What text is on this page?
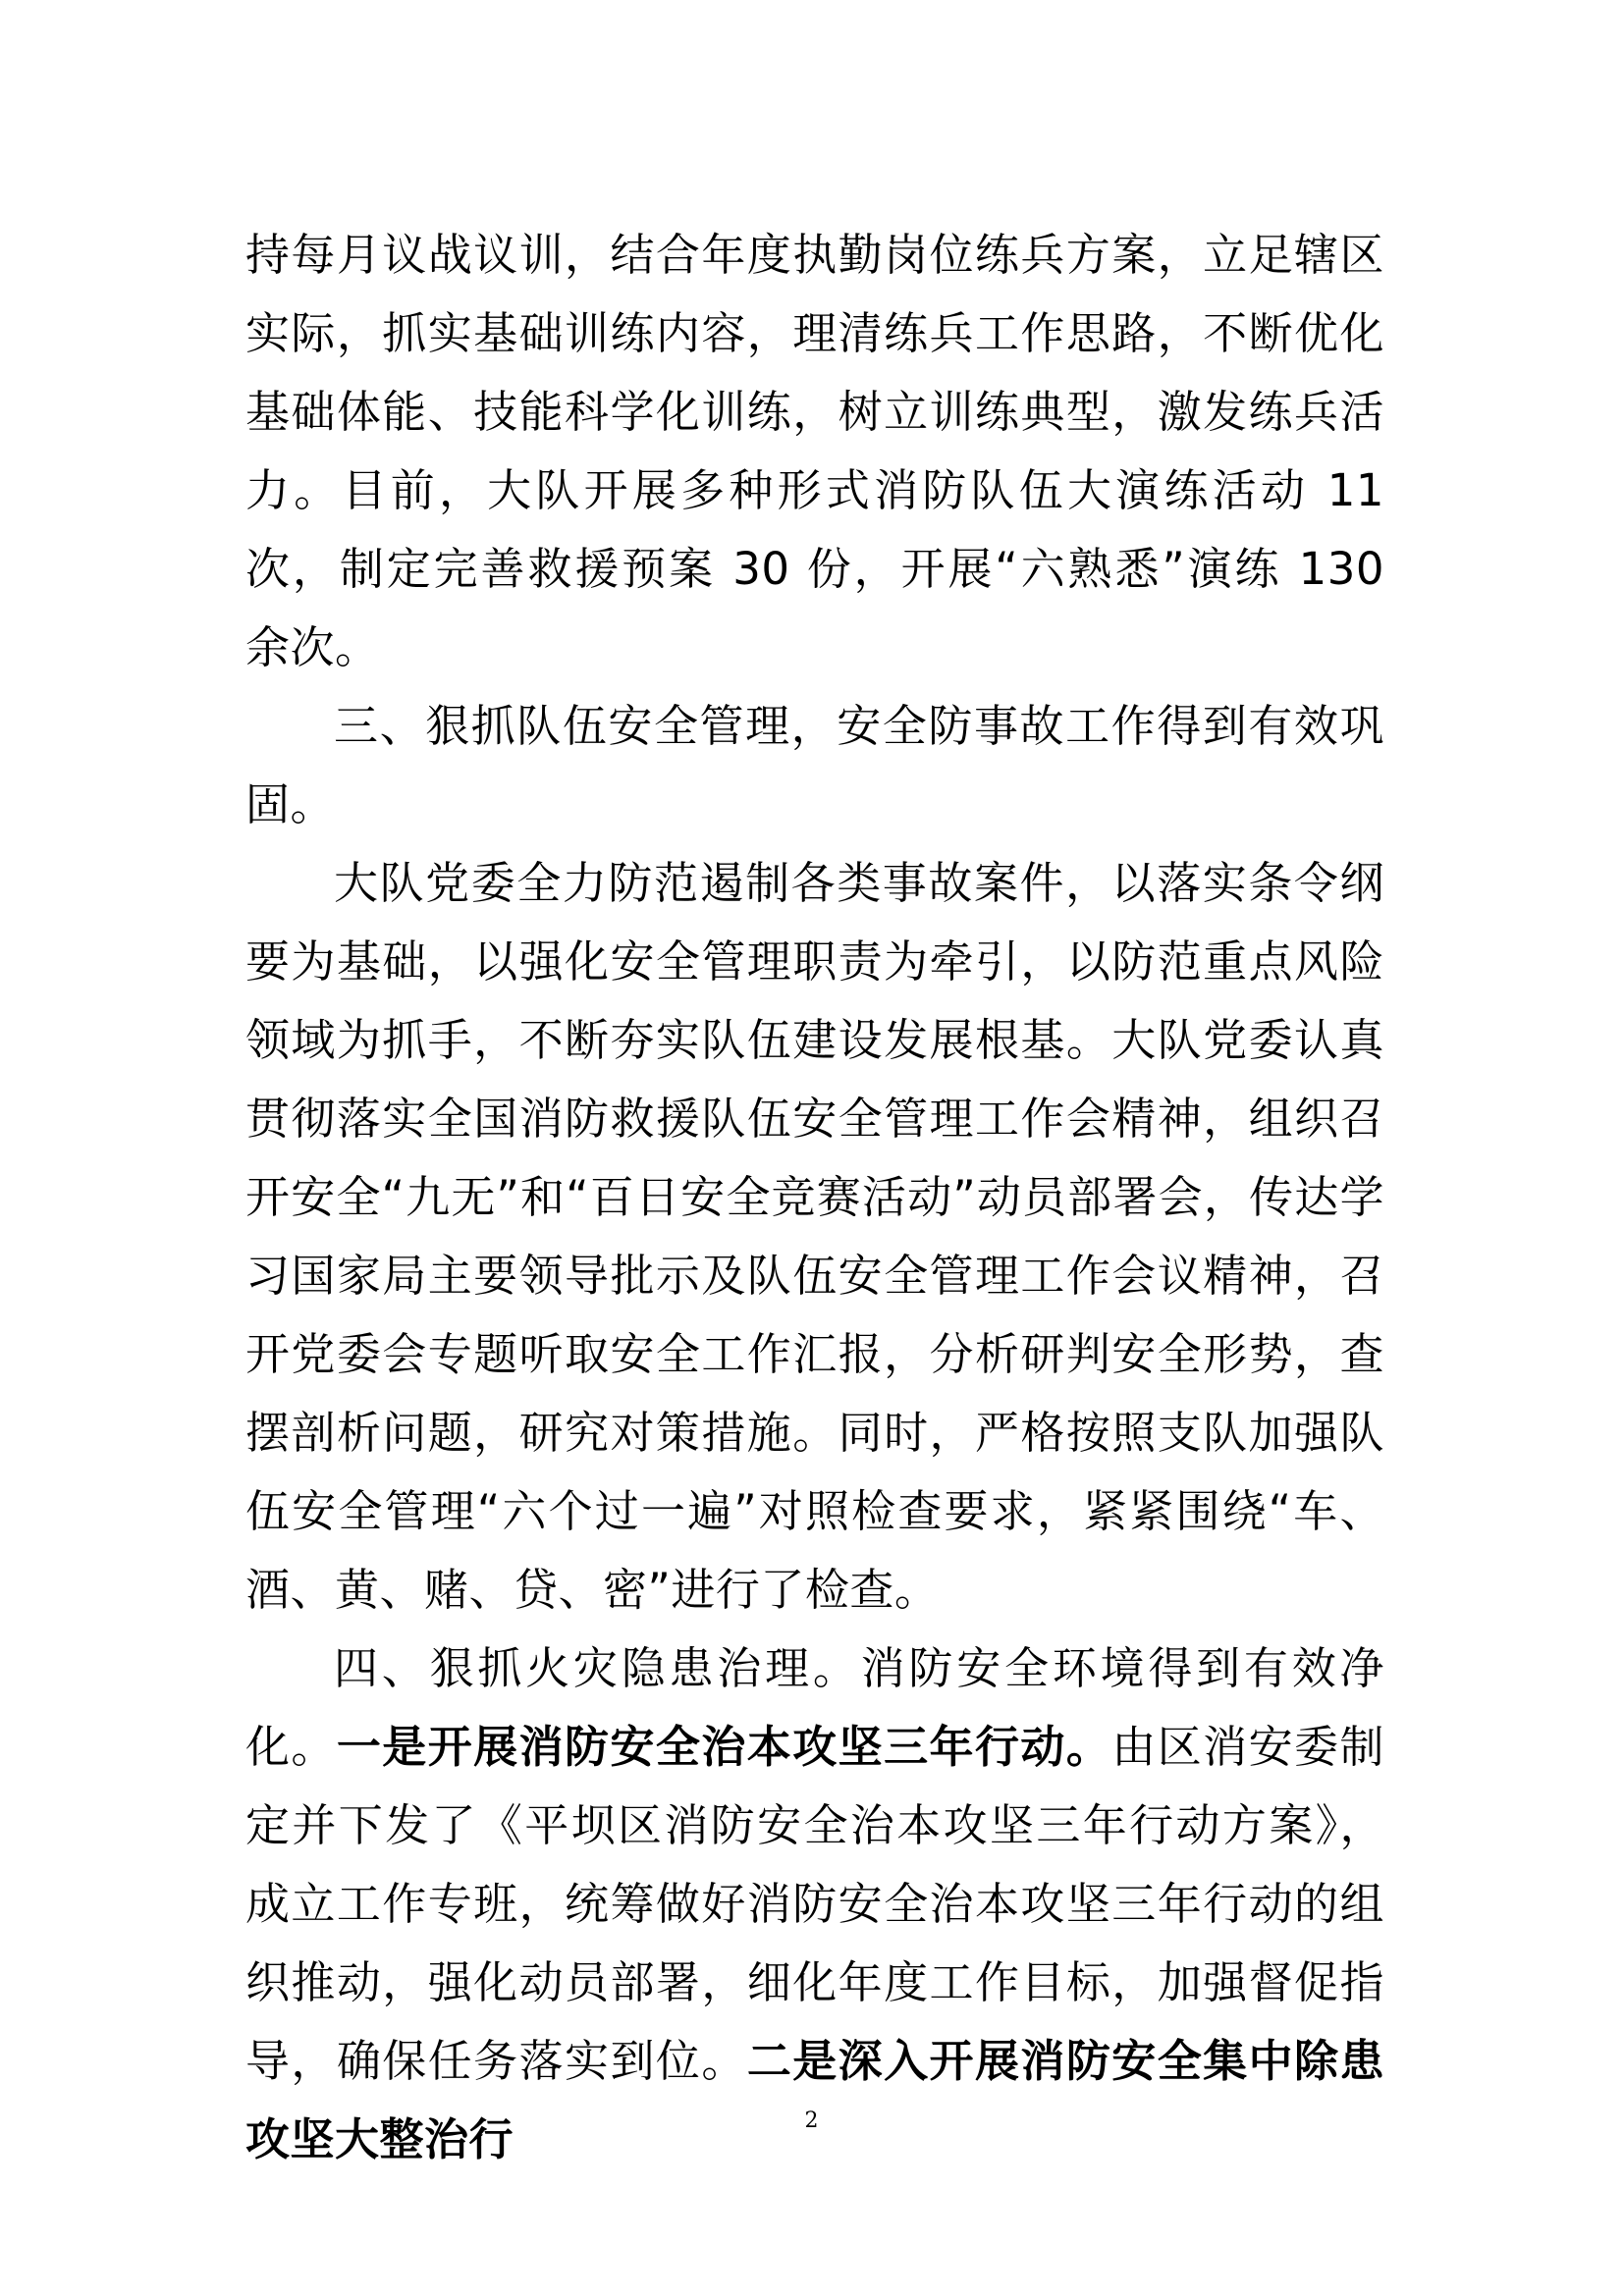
持每月议战议训，结合年度执勤岗位练兵方案，立足辖区实际，抓实基础训练内容，理清练兵工作思路，不断优化基础体能、技能科学化训练，树立训练典型，激发练兵活力。目前，大队开展多种形式消防队伍大演练活动 11 次，制定完善救援预案 30 份，开展“六熟悉”演练 130 余次。

三、狠抓队伍安全管理，安全防事故工作得到有效巩固。

大队党委全力防范遏制各类事故案件，以落实条令纲要为基础，以强化安全管理职责为牵引，以防范重点风险领域为抓手，不断夯实队伍建设发展根基。大队党委认真贯彻落实全国消防救援队伍安全管理工作会精神，组织召开安全“九无”和“百日安全竞赛活动”动员部署会，传达学习国家局主要领导批示及队伍安全管理工作会议精神，召开党委会专题听取安全工作汇报，分析研判安全形势，查摆剖析问题，研究对策措施。同时，严格按照支队加强队伍安全管理“六个过一遍”对照检查要求，紧紧围绕“车、酒、黄、赌、贷、密”进行了检查。

四、狠抓火灾隐患治理。消防安全环境得到有效净化。一是开展消防安全治本攻坚三年行动。由区消安委制定并下发了《平坝区消防安全治本攻坚三年行动方案》，成立工作专班，统筹做好消防安全治本攻坚三年行动的组织推动，强化动员部署，细化年度工作目标，加强督促指导，确保任务落实到位。二是深入开展消防安全集中除患攻坚大整治行	2
